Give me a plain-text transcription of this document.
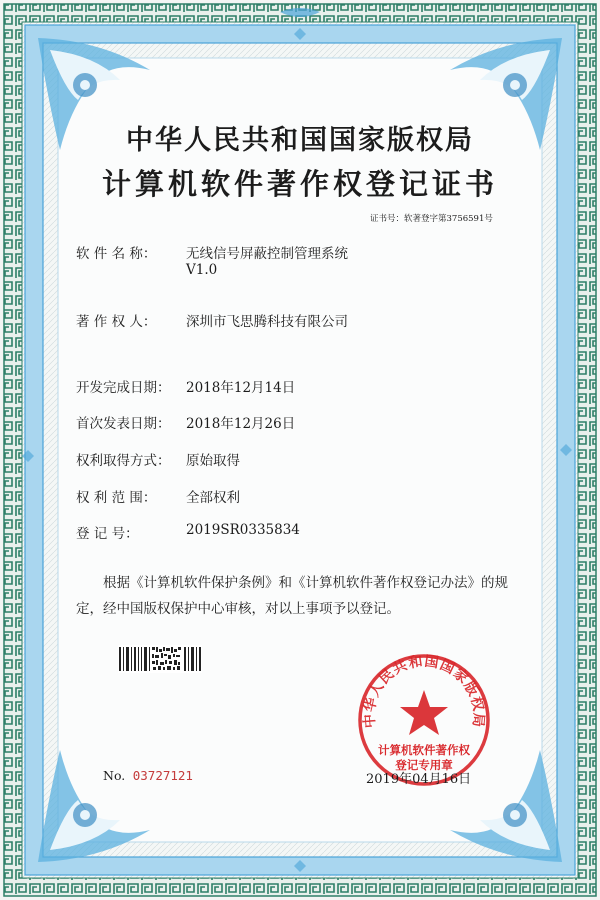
中华人民共和国国家版权局
计算机软件著作权登记证书
证书号：软著登字第3756591号
软 件 名 称： 无线信号屏蔽控制管理系统
V1.0
著 作 权 人： 深圳市飞思腾科技有限公司
开发完成日期： 2018年12月14日
首次发表日期： 2018年12月26日
权利取得方式： 原始取得
权 利 范 围： 全部权利
登 记 号：	2019SR0335834
根据《计算机软件保护条例》和《计算机软件著作权登记办法》的规定，经中国版权保护中心审核，对以上事项予以登记。
中华人民共和国国家版权局
计算机软件著作权
登记专用章
No. 03727121	2019年04月16日
